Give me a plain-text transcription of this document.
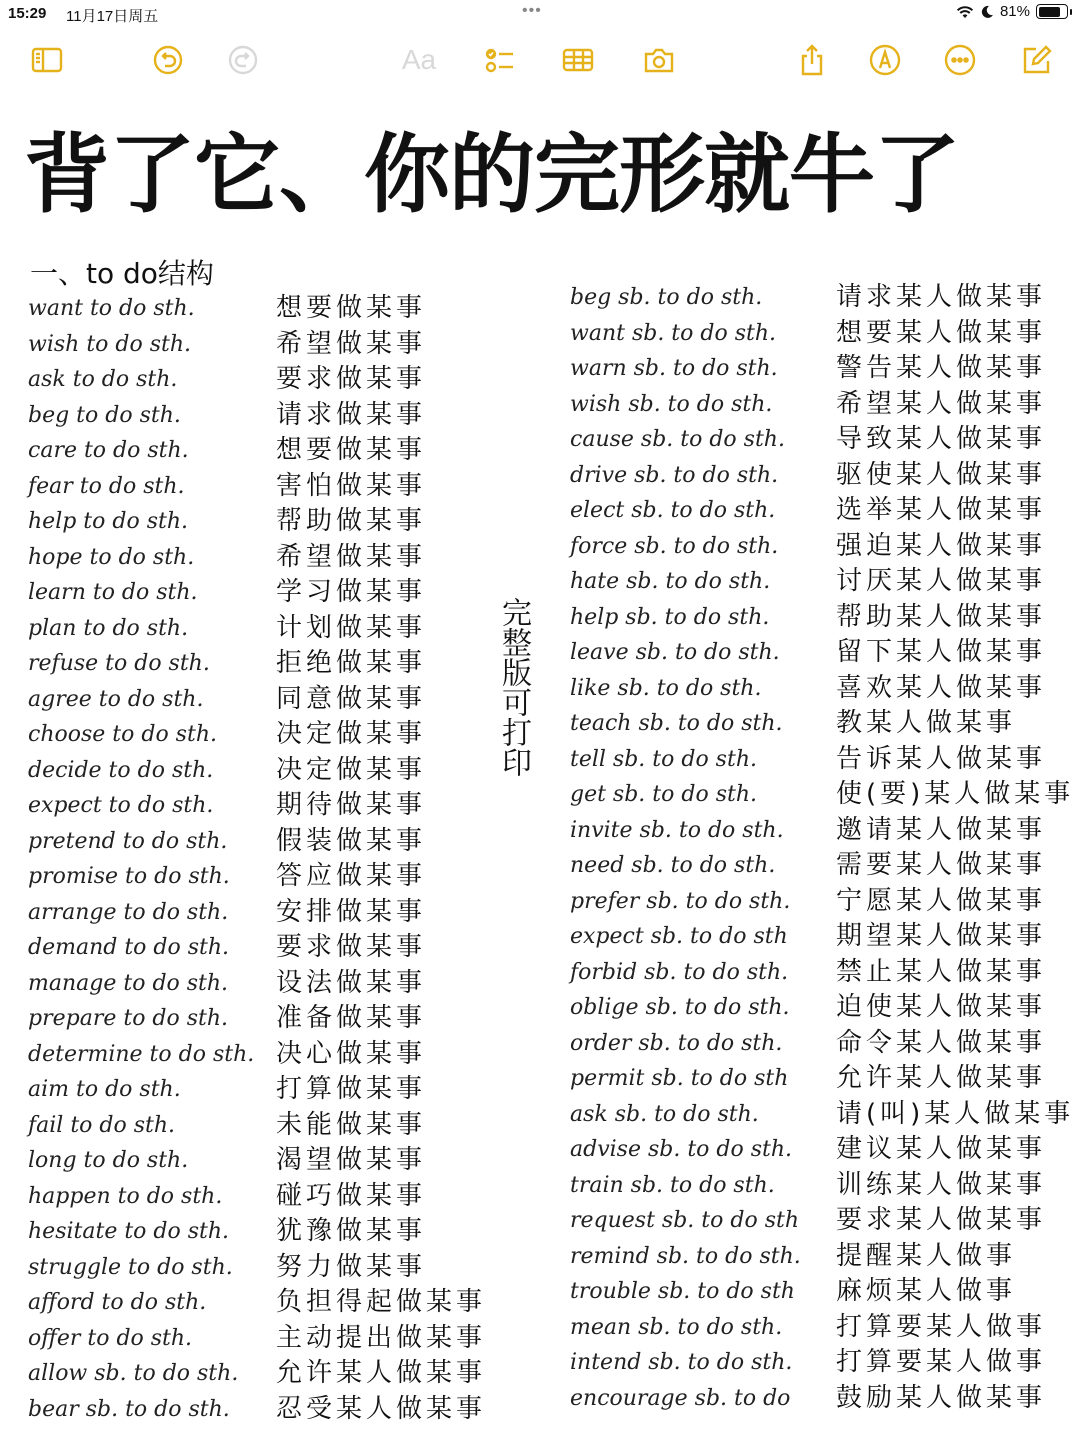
15:29 11月17日周五	•••	81%
Aa
背了它、你的完形就牛了
一、to do结构
want to do sth.	想要做某事
wish to do sth.	希望做某事
ask to do sth.	要求做某事
beg to do sth.	请求做某事
care to do sth.	想要做某事
fear to do sth.	害怕做某事
help to do sth.	帮助做某事
hope to do sth.	希望做某事
learn to do sth.	学习做某事
plan to do sth.	计划做某事
refuse to do sth.	拒绝做某事
agree to do sth.	同意做某事
choose to do sth. 决定做某事
decide to do sth. 决定做某事
expect to do sth. 期待做某事
pretend to do sth. 假装做某事
promise to do sth. 答应做某事
arrange to do sth. 安排做某事
demand to do sth. 要求做某事
manage to do sth. 设法做某事
prepare to do sth. 准备做某事
determine to do sth. 决心做某事
aim to do sth.	打算做某事
fail to do sth.	未能做某事
long to do sth.	渴望做某事
happen to do sth. 碰巧做某事
hesitate to do sth. 犹豫做某事
struggle to do sth. 努力做某事
afford to do sth.	负担得起做某事
offer to do sth.	主动提出做某事
allow sb. to do sth. 允许某人做某事
bear sb. to do sth. 忍受某人做某事
beg sb. to do sth.	请求某人做某事
want sb. to do sth. 想要某人做某事
warn sb. to do sth. 警告某人做某事
wish sb. to do sth. 希望某人做某事
cause sb. to do sth. 导致某人做某事
drive sb. to do sth. 驱使某人做某事
elect sb. to do sth. 选举某人做某事
force sb. to do sth. 强迫某人做某事
hate sb. to do sth.	讨厌某人做某事
help sb. to do sth.	帮助某人做某事
leave sb. to do sth. 留下某人做某事
like sb. to do sth.	喜欢某人做某事
teach sb. to do sth. 教某人做某事
tell sb. to do sth.	告诉某人做某事
get sb. to do sth.	使(要)某人做某事
invite sb. to do sth. 邀请某人做某事
need sb. to do sth. 需要某人做某事
prefer sb. to do sth. 宁愿某人做某事
expect sb. to do sth 期望某人做某事
forbid sb. to do sth. 禁止某人做某事
oblige sb. to do sth. 迫使某人做某事
order sb. to do sth. 命令某人做某事
permit sb. to do sth 允许某人做某事
ask sb. to do sth.	请(叫)某人做某事
advise sb. to do sth. 建议某人做某事
train sb. to do sth. 训练某人做某事
request sb. to do sth 要求某人做某事
remind sb. to do sth. 提醒某人做事
trouble sb. to do sth 麻烦某人做事
mean sb. to do sth. 打算要某人做事
intend sb. to do sth. 打算要某人做事
encourage sb. to do 鼓励某人做某事
完整版可打印
